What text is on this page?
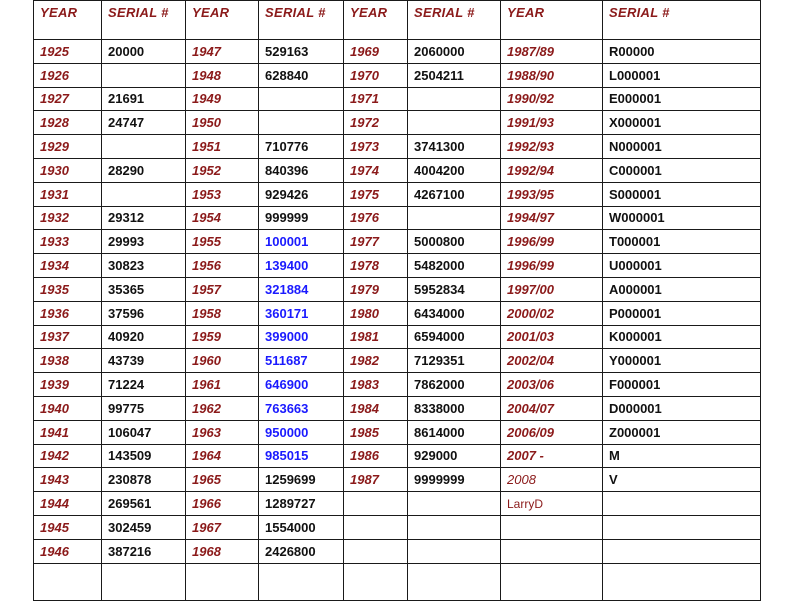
YEAR	SERIAL #	YEAR	SERIAL #	YEAR	SERIAL #	YEAR	SERIAL #
1925	20000	1947	529163	1969	2060000	1987/89	R00000
1926		1948	628840	1970	2504211	1988/90	L000001
1927	21691	1949		1971		1990/92	E000001
1928	24747	1950		1972		1991/93	X000001
1929		1951	710776	1973	3741300	1992/93	N000001
1930	28290	1952	840396	1974	4004200	1992/94	C000001
1931		1953	929426	1975	4267100	1993/95	S000001
1932	29312	1954	999999	1976		1994/97	W000001
1933	29993	1955	100001	1977	5000800	1996/99	T000001
1934	30823	1956	139400	1978	5482000	1996/99	U000001
1935	35365	1957	321884	1979	5952834	1997/00	A000001
1936	37596	1958	360171	1980	6434000	2000/02	P000001
1937	40920	1959	399000	1981	6594000	2001/03	K000001
1938	43739	1960	511687	1982	7129351	2002/04	Y000001
1939	71224	1961	646900	1983	7862000	2003/06	F000001
1940	99775	1962	763663	1984	8338000	2004/07	D000001
1941	106047	1963	950000	1985	8614000	2006/09	Z000001
1942	143509	1964	985015	1986	929000	2007 -	M
1943	230878	1965	1259699	1987	9999999	2008	V
1944	269561	1966	1289727			LarryD	
1945	302459	1967	1554000				
1946	387216	1968	2426800				
